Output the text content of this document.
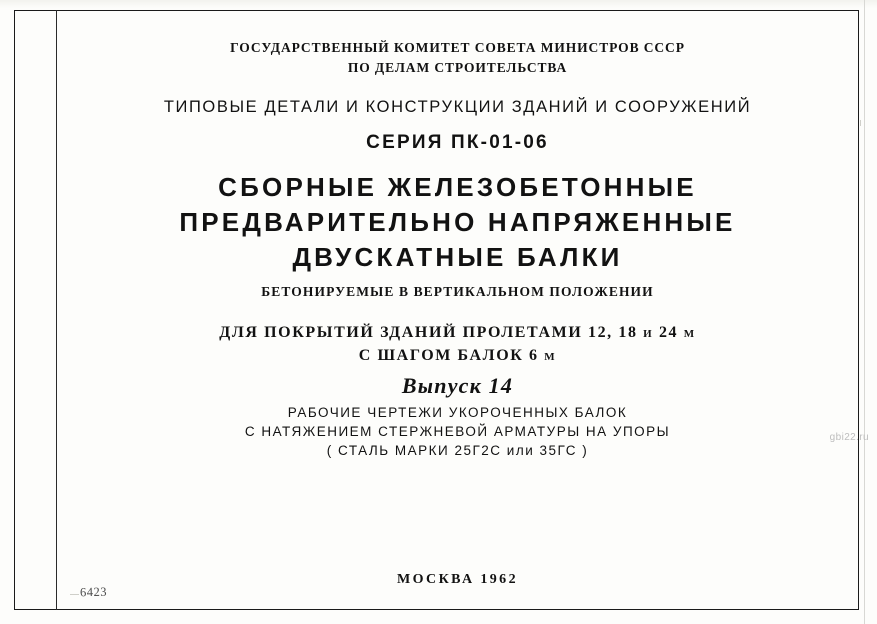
ГОСУДАРСТВЕННЫЙ КОМИТЕТ СОВЕТА МИНИСТРОВ СССР
ПО ДЕЛАМ СТРОИТЕЛЬСТВА
ТИПОВЫЕ ДЕТАЛИ И КОНСТРУКЦИИ ЗДАНИЙ И СООРУЖЕНИЙ
СЕРИЯ ПК-01-06
СБОРНЫЕ ЖЕЛЕЗОБЕТОННЫЕ
ПРЕДВАРИТЕЛЬНО НАПРЯЖЕННЫЕ
ДВУСКАТНЫЕ БАЛКИ
БЕТОНИРУЕМЫЕ В ВЕРТИКАЛЬНОМ ПОЛОЖЕНИИ
ДЛЯ ПОКРЫТИЙ ЗДАНИЙ ПРОЛЕТАМИ 12, 18 и 24 м
С ШАГОМ БАЛОК 6 м
Выпуск 14
РАБОЧИЕ ЧЕРТЕЖИ УКОРОЧЕННЫХ БАЛОК
С НАТЯЖЕНИЕМ СТЕРЖНЕВОЙ АРМАТУРЫ НА УПОРЫ
( СТАЛЬ МАРКИ 25Г2С или 35ГС )
МОСКВА 1962
6423
gbi22.ru
